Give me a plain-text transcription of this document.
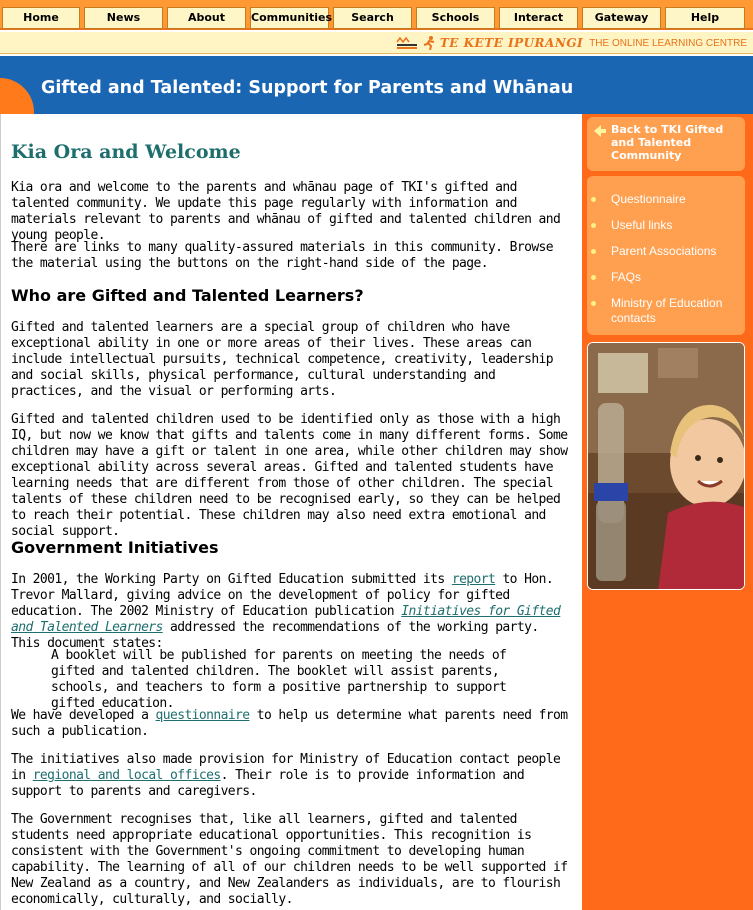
Home	News	About	Communities	Search	Schools	Interact	Gateway	Help
TE KETE IPURANGI THE ONLINE LEARNING CENTRE
Gifted and Talented: Support for Parents and Whānau
Back to TKI Gifted and Talented Community
Questionnaire
Useful links
Parent Associations
FAQs
Ministry of Education contacts
Kia Ora and Welcome

Kia ora and welcome to the parents and whānau page of TKI's gifted and talented community. We update this page regularly with information and materials relevant to parents and whānau of gifted and talented children and young people.

There are links to many quality-assured materials in this community. Browse the material using the buttons on the right-hand side of the page.

Who are Gifted and Talented Learners?

Gifted and talented learners are a special group of children who have exceptional ability in one or more areas of their lives. These areas can include intellectual pursuits, technical competence, creativity, leadership and social skills, physical performance, cultural understanding and practices, and the visual or performing arts.

Gifted and talented children used to be identified only as those with a high IQ, but now we know that gifts and talents come in many different forms. Some children may have a gift or talent in one area, while other children may show exceptional ability across several areas. Gifted and talented students have learning needs that are different from those of other children. The special talents of these children need to be recognised early, so they can be helped to reach their potential. These children may also need extra emotional and social support.

Government Initiatives

In 2001, the Working Party on Gifted Education submitted its report to Hon. Trevor Mallard, giving advice on the development of policy for gifted education. The 2002 Ministry of Education publication Initiatives for Gifted and Talented Learners addressed the recommendations of the working party. This document states:

A booklet will be published for parents on meeting the needs of gifted and talented children. The booklet will assist parents, schools, and teachers to form a positive partnership to support gifted education.

We have developed a questionnaire to help us determine what parents need from such a publication.

The initiatives also made provision for Ministry of Education contact people in regional and local offices. Their role is to provide information and support to parents and caregivers.

The Government recognises that, like all learners, gifted and talented students need appropriate educational opportunities. This recognition is consistent with the Government's ongoing commitment to developing human capability. The learning of all of our children needs to be well supported if New Zealand as a country, and New Zealanders as individuals, are to flourish economically, culturally, and socially.
